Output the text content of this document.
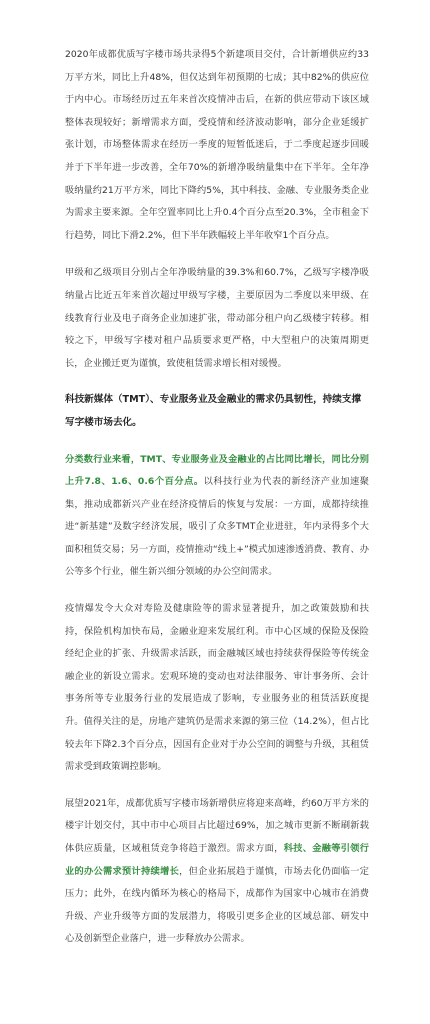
2020年成都优质写字楼市场共录得5个新建项目交付，合计新增供应约33万平方米，同比上升48%，但仅达到年初预期的七成；其中82%的供应位于内中心。市场经历过五年来首次疫情冲击后，在新的供应带动下该区域整体表现较好；新增需求方面，受疫情和经济波动影响，部分企业延缓扩张计划，市场整体需求在经历一季度的短暂低迷后，于二季度起逐步回暖并于下半年进一步改善，全年70%的新增净吸纳量集中在下半年。全年净吸纳量约21万平方米，同比下降约5%，其中科技、金融、专业服务类企业为需求主要来源。全年空置率同比上升0.4个百分点至20.3%，全市租金下行趋势，同比下滑2.2%，但下半年跌幅较上半年收窄1个百分点。

甲级和乙级项目分别占全年净吸纳量的39.3%和60.7%，乙级写字楼净吸纳量占比近五年来首次超过甲级写字楼，主要原因为二季度以来甲级、在线教育行业及电子商务企业加速扩张，带动部分租户向乙级楼宇转移。相较之下，甲级写字楼对租户品质要求更严格，中大型租户的决策周期更长，企业搬迁更为谨慎，致使租赁需求增长相对缓慢。

科技新媒体（TMT）、专业服务业及金融业的需求仍具韧性，持续支撑写字楼市场去化。

分类数行业来看，TMT、专业服务业及金融业的占比同比增长，同比分别上升7.8、1.6、0.6个百分点。以科技行业为代表的新经济产业加速聚集，推动成都新兴产业在经济疫情后的恢复与发展：一方面，成都持续推进“新基建”及数字经济发展，吸引了众多TMT企业进驻，年内录得多个大面积租赁交易；另一方面，疫情推动“线上+”模式加速渗透消费、教育、办公等多个行业，催生新兴细分领域的办公空间需求。

疫情爆发令大众对寿险及健康险等的需求显著提升，加之政策鼓励和扶持，保险机构加快布局，金融业迎来发展红利。市中心区域的保险及保险经纪企业的扩张、升级需求活跃，而金融城区域也持续获得保险等传统金融企业的新设立需求。宏观环境的变动也对法律服务、审计事务所、会计事务所等专业服务行业的发展造成了影响，专业服务业的租赁活跃度提升。值得关注的是，房地产建筑仍是需求来源的第三位（14.2%），但占比较去年下降2.3个百分点，因国有企业对于办公空间的调整与升级，其租赁需求受到政策调控影响。

展望2021年，成都优质写字楼市场新增供应将迎来高峰，约60万平方米的楼宇计划交付，其中市中心项目占比超过69%，加之城市更新不断刷新载体供应质量，区域租赁竞争将趋于激烈。需求方面，科技、金融等引领行业的办公需求预计持续增长，但企业拓展趋于谨慎，市场去化仍面临一定压力；此外，在线内循环为核心的格局下，成都作为国家中心城市在消费升级、产业升级等方面的发展潜力，将吸引更多企业的区域总部、研发中心及创新型企业落户，进一步释放办公需求。
